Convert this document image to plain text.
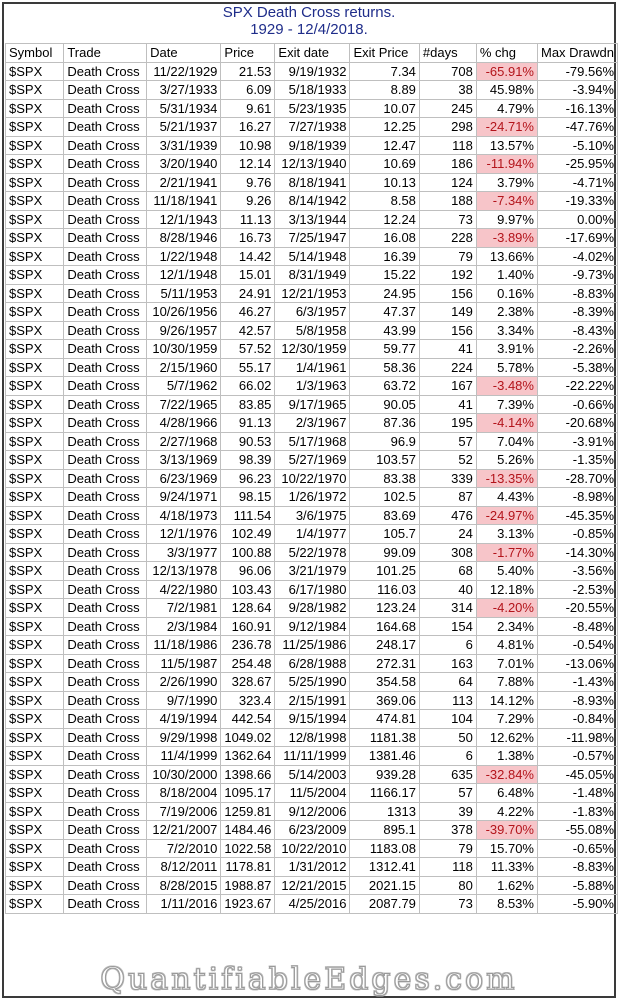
SPX Death Cross returns.
1929 - 12/4/2018.
Symbol	Trade	Date	Price	Exit date	Exit Price	#days	% chg	Max Drawdn
$SPX	Death Cross	11/22/1929	21.53	9/19/1932	7.34	708	-65.91%	-79.56%
$SPX	Death Cross	3/27/1933	6.09	5/18/1933	8.89	38	45.98%	-3.94%
$SPX	Death Cross	5/31/1934	9.61	5/23/1935	10.07	245	4.79%	-16.13%
$SPX	Death Cross	5/21/1937	16.27	7/27/1938	12.25	298	-24.71%	-47.76%
$SPX	Death Cross	3/31/1939	10.98	9/18/1939	12.47	118	13.57%	-5.10%
$SPX	Death Cross	3/20/1940	12.14	12/13/1940	10.69	186	-11.94%	-25.95%
$SPX	Death Cross	2/21/1941	9.76	8/18/1941	10.13	124	3.79%	-4.71%
$SPX	Death Cross	11/18/1941	9.26	8/14/1942	8.58	188	-7.34%	-19.33%
$SPX	Death Cross	12/1/1943	11.13	3/13/1944	12.24	73	9.97%	0.00%
$SPX	Death Cross	8/28/1946	16.73	7/25/1947	16.08	228	-3.89%	-17.69%
$SPX	Death Cross	1/22/1948	14.42	5/14/1948	16.39	79	13.66%	-4.02%
$SPX	Death Cross	12/1/1948	15.01	8/31/1949	15.22	192	1.40%	-9.73%
$SPX	Death Cross	5/11/1953	24.91	12/21/1953	24.95	156	0.16%	-8.83%
$SPX	Death Cross	10/26/1956	46.27	6/3/1957	47.37	149	2.38%	-8.39%
$SPX	Death Cross	9/26/1957	42.57	5/8/1958	43.99	156	3.34%	-8.43%
$SPX	Death Cross	10/30/1959	57.52	12/30/1959	59.77	41	3.91%	-2.26%
$SPX	Death Cross	2/15/1960	55.17	1/4/1961	58.36	224	5.78%	-5.38%
$SPX	Death Cross	5/7/1962	66.02	1/3/1963	63.72	167	-3.48%	-22.22%
$SPX	Death Cross	7/22/1965	83.85	9/17/1965	90.05	41	7.39%	-0.66%
$SPX	Death Cross	4/28/1966	91.13	2/3/1967	87.36	195	-4.14%	-20.68%
$SPX	Death Cross	2/27/1968	90.53	5/17/1968	96.9	57	7.04%	-3.91%
$SPX	Death Cross	3/13/1969	98.39	5/27/1969	103.57	52	5.26%	-1.35%
$SPX	Death Cross	6/23/1969	96.23	10/22/1970	83.38	339	-13.35%	-28.70%
$SPX	Death Cross	9/24/1971	98.15	1/26/1972	102.5	87	4.43%	-8.98%
$SPX	Death Cross	4/18/1973	111.54	3/6/1975	83.69	476	-24.97%	-45.35%
$SPX	Death Cross	12/1/1976	102.49	1/4/1977	105.7	24	3.13%	-0.85%
$SPX	Death Cross	3/3/1977	100.88	5/22/1978	99.09	308	-1.77%	-14.30%
$SPX	Death Cross	12/13/1978	96.06	3/21/1979	101.25	68	5.40%	-3.56%
$SPX	Death Cross	4/22/1980	103.43	6/17/1980	116.03	40	12.18%	-2.53%
$SPX	Death Cross	7/2/1981	128.64	9/28/1982	123.24	314	-4.20%	-20.55%
$SPX	Death Cross	2/3/1984	160.91	9/12/1984	164.68	154	2.34%	-8.48%
$SPX	Death Cross	11/18/1986	236.78	11/25/1986	248.17	6	4.81%	-0.54%
$SPX	Death Cross	11/5/1987	254.48	6/28/1988	272.31	163	7.01%	-13.06%
$SPX	Death Cross	2/26/1990	328.67	5/25/1990	354.58	64	7.88%	-1.43%
$SPX	Death Cross	9/7/1990	323.4	2/15/1991	369.06	113	14.12%	-8.93%
$SPX	Death Cross	4/19/1994	442.54	9/15/1994	474.81	104	7.29%	-0.84%
$SPX	Death Cross	9/29/1998	1049.02	12/8/1998	1181.38	50	12.62%	-11.98%
$SPX	Death Cross	11/4/1999	1362.64	11/11/1999	1381.46	6	1.38%	-0.57%
$SPX	Death Cross	10/30/2000	1398.66	5/14/2003	939.28	635	-32.84%	-45.05%
$SPX	Death Cross	8/18/2004	1095.17	11/5/2004	1166.17	57	6.48%	-1.48%
$SPX	Death Cross	7/19/2006	1259.81	9/12/2006	1313	39	4.22%	-1.83%
$SPX	Death Cross	12/21/2007	1484.46	6/23/2009	895.1	378	-39.70%	-55.08%
$SPX	Death Cross	7/2/2010	1022.58	10/22/2010	1183.08	79	15.70%	-0.65%
$SPX	Death Cross	8/12/2011	1178.81	1/31/2012	1312.41	118	11.33%	-8.83%
$SPX	Death Cross	8/28/2015	1988.87	12/21/2015	2021.15	80	1.62%	-5.88%
$SPX	Death Cross	1/11/2016	1923.67	4/25/2016	2087.79	73	8.53%	-5.90%
QuantifiableEdges.com
